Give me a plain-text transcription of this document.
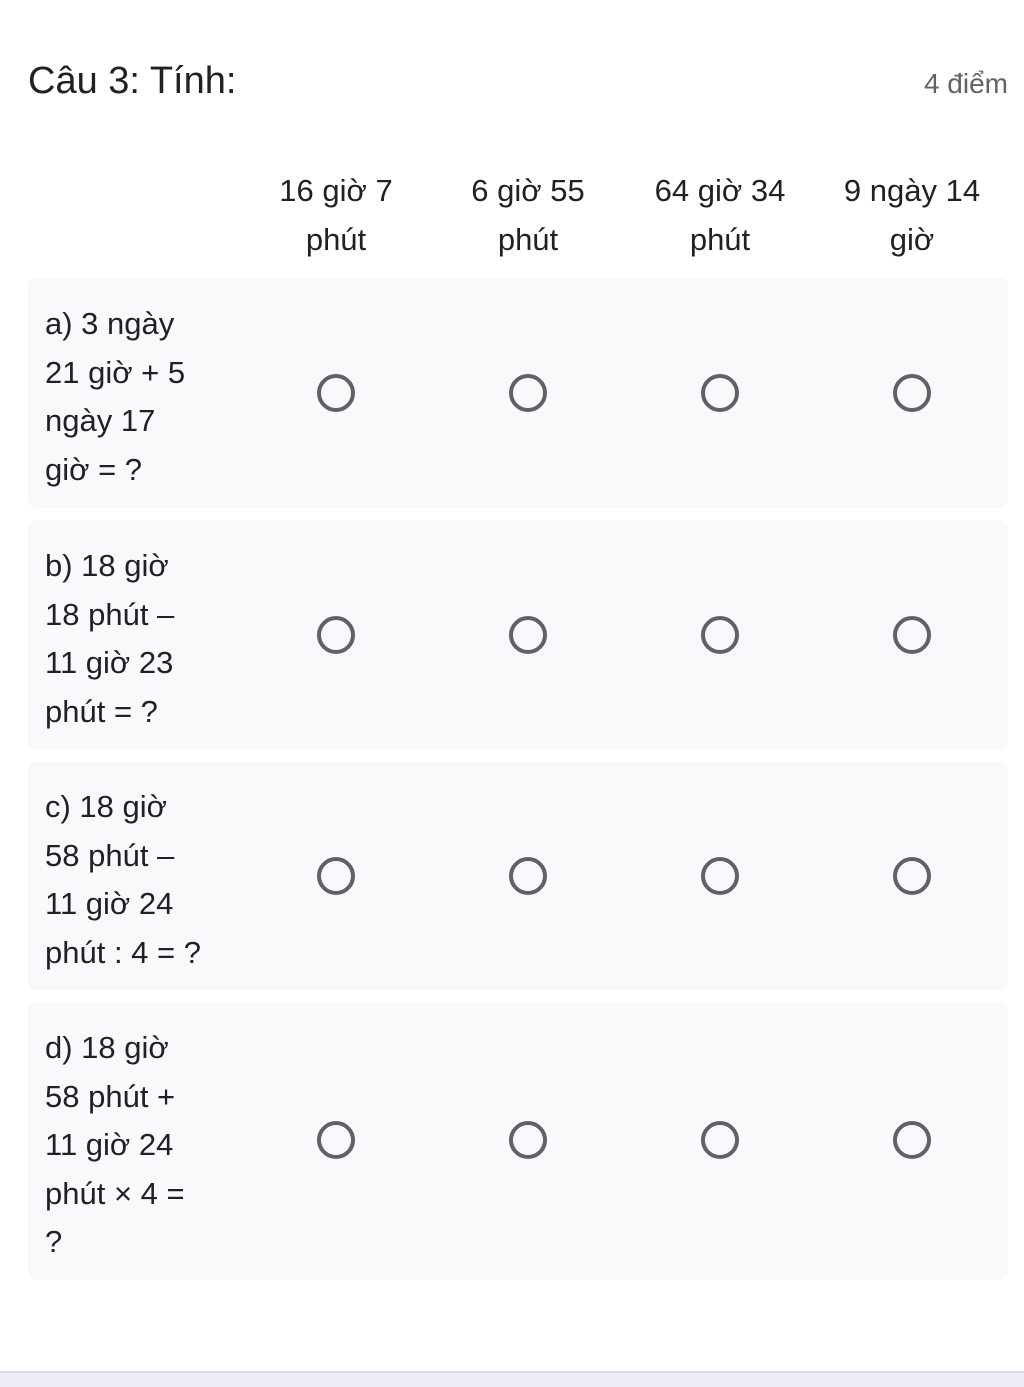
Câu 3: Tính:	4 điểm
16 giờ 7
phút
6 giờ 55
phút
64 giờ 34
phút
9 ngày 14
giờ
a) 3 ngày
21 giờ + 5
ngày 17
giờ = ?
b) 18 giờ
18 phút –
11 giờ 23
phút = ?
c) 18 giờ
58 phút –
11 giờ 24
phút : 4 = ?
d) 18 giờ
58 phút +
11 giờ 24
phút × 4 =
?
